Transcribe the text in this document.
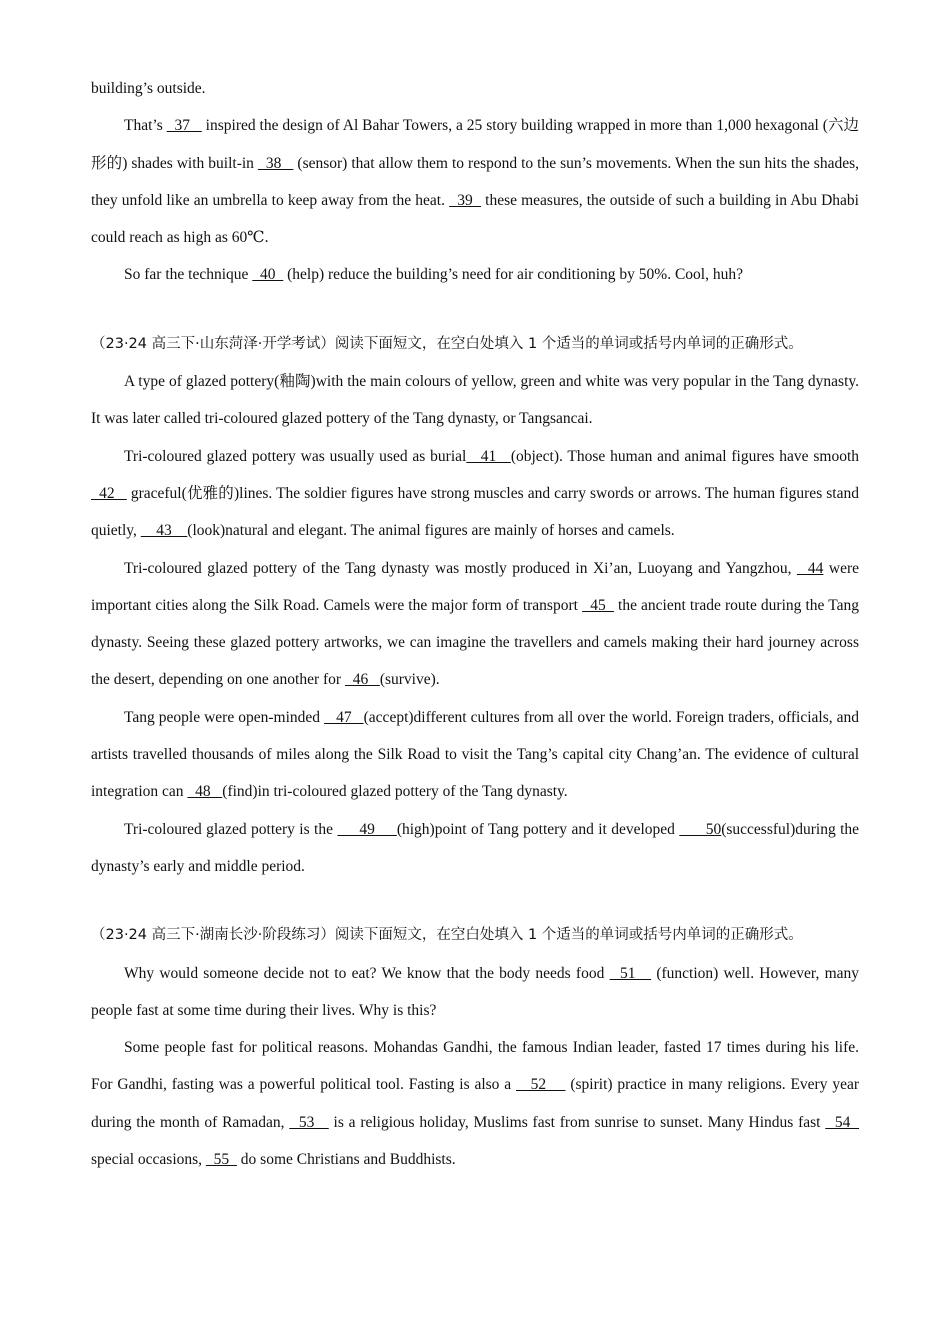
building’s outside.

That’s   37    inspired the design of Al Bahar Towers, a 25 story building wrapped in more than 1,000 hexagonal (六边形的) shades with built-in   38    (sensor) that allow them to respond to the sun’s movements. When the sun hits the shades, they unfold like an umbrella to keep away from the heat.   39   these measures, the outside of such a building in Abu Dhabi could reach as high as 60℃.

So far the technique   40   (help) reduce the building’s need for air conditioning by 50%. Cool, huh?

（23·24 高三下·山东菏泽·开学考试）阅读下面短文，在空白处填入 1 个适当的单词或括号内单词的正确形式。

A type of glazed pottery(釉陶)with the main colours of yellow, green and white was very popular in the Tang dynasty. It was later called tri-coloured glazed pottery of the Tang dynasty, or Tangsancai.

Tri-coloured glazed pottery was usually used as burial   41   (object). Those human and animal figures have smooth   42    graceful(优雅的)lines. The soldier figures have strong muscles and carry swords or arrows. The human figures stand quietly,     43    (look)natural and elegant. The animal figures are mainly of horses and camels.

Tri-coloured glazed pottery of the Tang dynasty was mostly produced in Xi’an, Luoyang and Yangzhou,   44 were important cities along the Silk Road. Camels were the major form of transport   45   the ancient trade route during the Tang dynasty. Seeing these glazed pottery artworks, we can imagine the travellers and camels making their hard journey across the desert, depending on one another for   46   (survive).

Tang people were open-minded    47   (accept)different cultures from all over the world. Foreign traders, officials, and artists travelled thousands of miles along the Silk Road to visit the Tang’s capital city Chang’an. The evidence of cultural integration can   48   (find)in tri-coloured glazed pottery of the Tang dynasty.

Tri-coloured glazed pottery is the      49     (high)point of Tang pottery and it developed       50(successful)during the dynasty’s early and middle period.

（23·24 高三下·湖南长沙·阶段练习）阅读下面短文，在空白处填入 1 个适当的单词或括号内单词的正确形式。

Why would someone decide not to eat? We know that the body needs food   51    (function) well. However, many people fast at some time during their lives. Why is this?

Some people fast for political reasons. Mohandas Gandhi, the famous Indian leader, fasted 17 times during his life. For Gandhi, fasting was a powerful political tool. Fasting is also a    52     (spirit) practice in many religions. Every year during the month of Ramadan,   53    is a religious holiday, Muslims fast from sunrise to sunset. Many Hindus fast   54   special occasions,   55   do some Christians and Buddhists.
